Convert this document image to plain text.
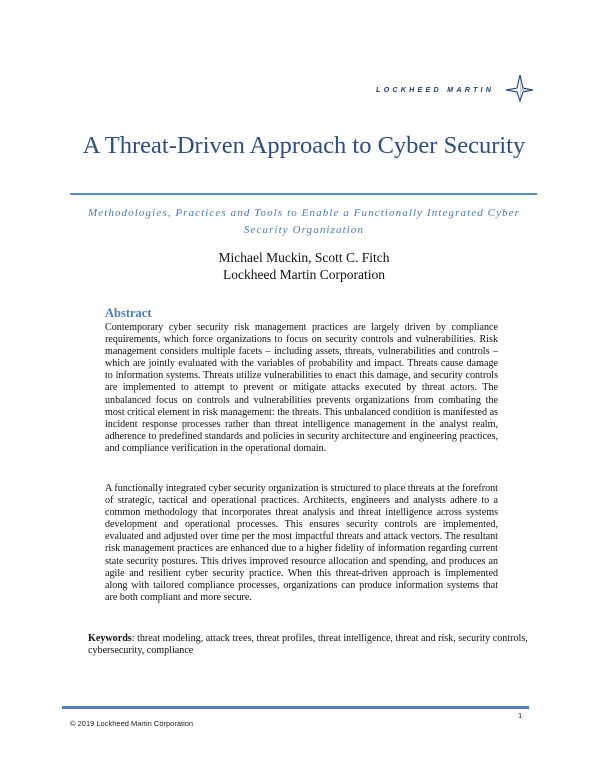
LOCKHEED MARTIN
A Threat-Driven Approach to Cyber Security
Methodologies, Practices and Tools to Enable a Functionally Integrated Cyber Security Organization
Michael Muckin, Scott C. Fitch
Lockheed Martin Corporation
Abstract

Contemporary cyber security risk management practices are largely driven by compliance requirements, which force organizations to focus on security controls and vulnerabilities. Risk management considers multiple facets – including assets, threats, vulnerabilities and controls – which are jointly evaluated with the variables of probability and impact. Threats cause damage to information systems. Threats utilize vulnerabilities to enact this damage, and security controls are implemented to attempt to prevent or mitigate attacks executed by threat actors. The unbalanced focus on controls and vulnerabilities prevents organizations from combating the most critical element in risk management: the threats. This unbalanced condition is manifested as incident response processes rather than threat intelligence management in the analyst realm, adherence to predefined standards and policies in security architecture and engineering practices, and compliance verification in the operational domain.

A functionally integrated cyber security organization is structured to place threats at the forefront of strategic, tactical and operational practices. Architects, engineers and analysts adhere to a common methodology that incorporates threat analysis and threat intelligence across systems development and operational processes. This ensures security controls are implemented, evaluated and adjusted over time per the most impactful threats and attack vectors. The resultant risk management practices are enhanced due to a higher fidelity of information regarding current state security postures. This drives improved resource allocation and spending, and produces an agile and resilient cyber security practice. When this threat-driven approach is implemented along with tailored compliance processes, organizations can produce information systems that are both compliant and more secure.

Keywords: threat modeling, attack trees, threat profiles, threat intelligence, threat and risk, security controls, cybersecurity, compliance
1
© 2019 Lockheed Martin Corporation
